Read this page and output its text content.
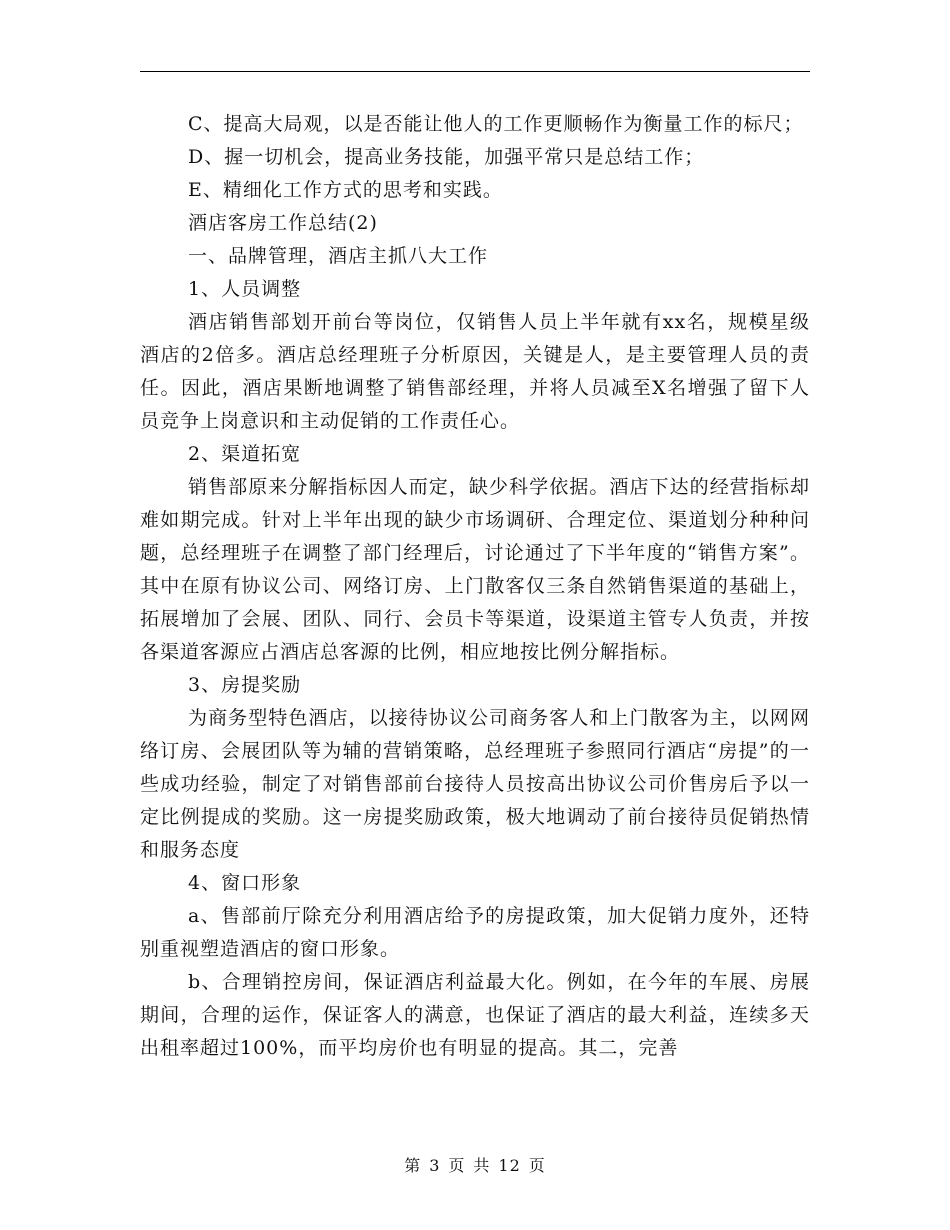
C、提高大局观，以是否能让他人的工作更顺畅作为衡量工作的标尺；

D、握一切机会，提高业务技能，加强平常只是总结工作；

E、精细化工作方式的思考和实践。

酒店客房工作总结(2)

一、品牌管理，酒店主抓八大工作

1、人员调整

酒店销售部划开前台等岗位，仅销售人员上半年就有xx名，规模星级酒店的2倍多。酒店总经理班子分析原因，关键是人，是主要管理人员的责任。因此，酒店果断地调整了销售部经理，并将人员减至X名增强了留下人员竞争上岗意识和主动促销的工作责任心。

2、渠道拓宽

销售部原来分解指标因人而定，缺少科学依据。酒店下达的经营指标却难如期完成。针对上半年出现的缺少市场调研、合理定位、渠道划分种种问题，总经理班子在调整了部门经理后，讨论通过了下半年度的“销售方案”。其中在原有协议公司、网络订房、上门散客仅三条自然销售渠道的基础上，拓展增加了会展、团队、同行、会员卡等渠道，设渠道主管专人负责，并按各渠道客源应占酒店总客源的比例，相应地按比例分解指标。

3、房提奖励

为商务型特色酒店，以接待协议公司商务客人和上门散客为主，以网网络订房、会展团队等为辅的营销策略，总经理班子参照同行酒店“房提”的一些成功经验，制定了对销售部前台接待人员按高出协议公司价售房后予以一定比例提成的奖励。这一房提奖励政策，极大地调动了前台接待员促销热情和服务态度

4、窗口形象

a、售部前厅除充分利用酒店给予的房提政策，加大促销力度外，还特别重视塑造酒店的窗口形象。

b、合理销控房间，保证酒店利益最大化。例如，在今年的车展、房展期间，合理的运作，保证客人的满意，也保证了酒店的最大利益，连续多天出租率超过100%，而平均房价也有明显的提高。其二，完善

第 3 页 共 12 页
